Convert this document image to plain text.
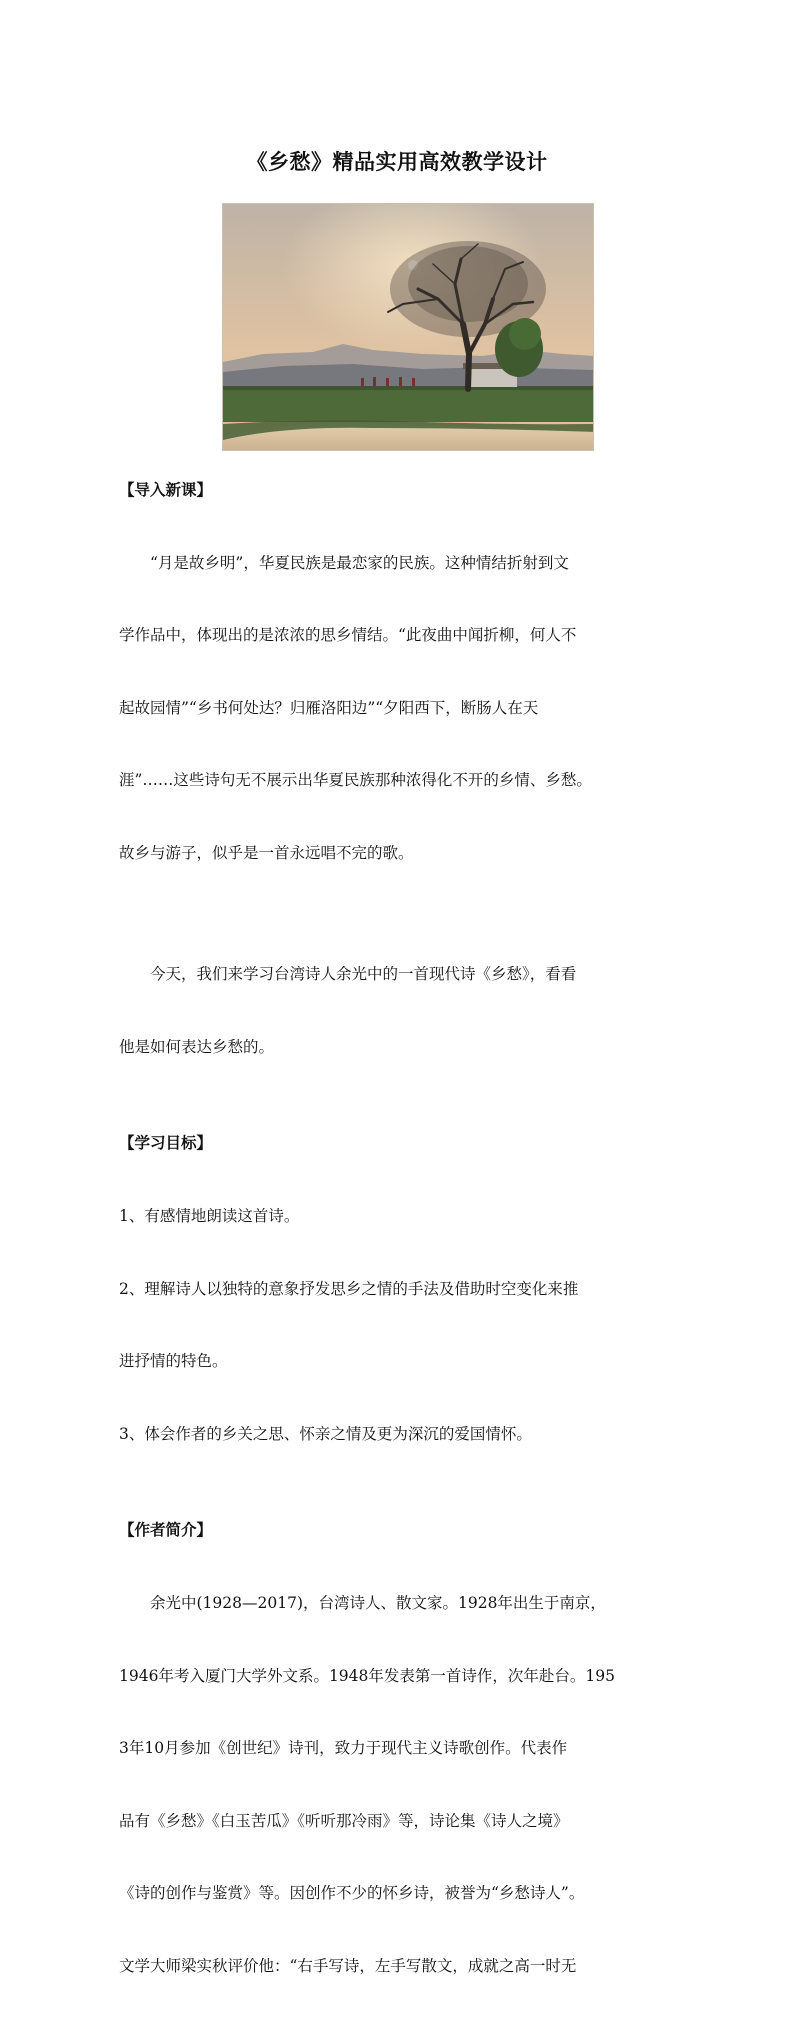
《乡愁》精品实用高效教学设计
【导入新课】

“月是故乡明”，华夏民族是最恋家的民族。这种情结折射到文

学作品中，体现出的是浓浓的思乡情结。“此夜曲中闻折柳，何人不

起故园情”“乡书何处达？归雁洛阳边”“夕阳西下，断肠人在天

涯”……这些诗句无不展示出华夏民族那种浓得化不开的乡情、乡愁。

故乡与游子，似乎是一首永远唱不完的歌。

今天，我们来学习台湾诗人余光中的一首现代诗《乡愁》，看看

他是如何表达乡愁的。

【学习目标】

1、有感情地朗读这首诗。

2、理解诗人以独特的意象抒发思乡之情的手法及借助时空变化来推

进抒情的特色。

3、体会作者的乡关之思、怀亲之情及更为深沉的爱国情怀。

【作者简介】

余光中(1928—2017)，台湾诗人、散文家。1928年出生于南京，

1946年考入厦门大学外文系。1948年发表第一首诗作，次年赴台。195

3年10月参加《创世纪》诗刊，致力于现代主义诗歌创作。代表作

品有《乡愁》《白玉苦瓜》《听听那冷雨》等，诗论集《诗人之境》

《诗的创作与鉴赏》等。因创作不少的怀乡诗，被誉为“乡愁诗人”。

文学大师梁实秋评价他：“右手写诗，左手写散文，成就之高一时无
